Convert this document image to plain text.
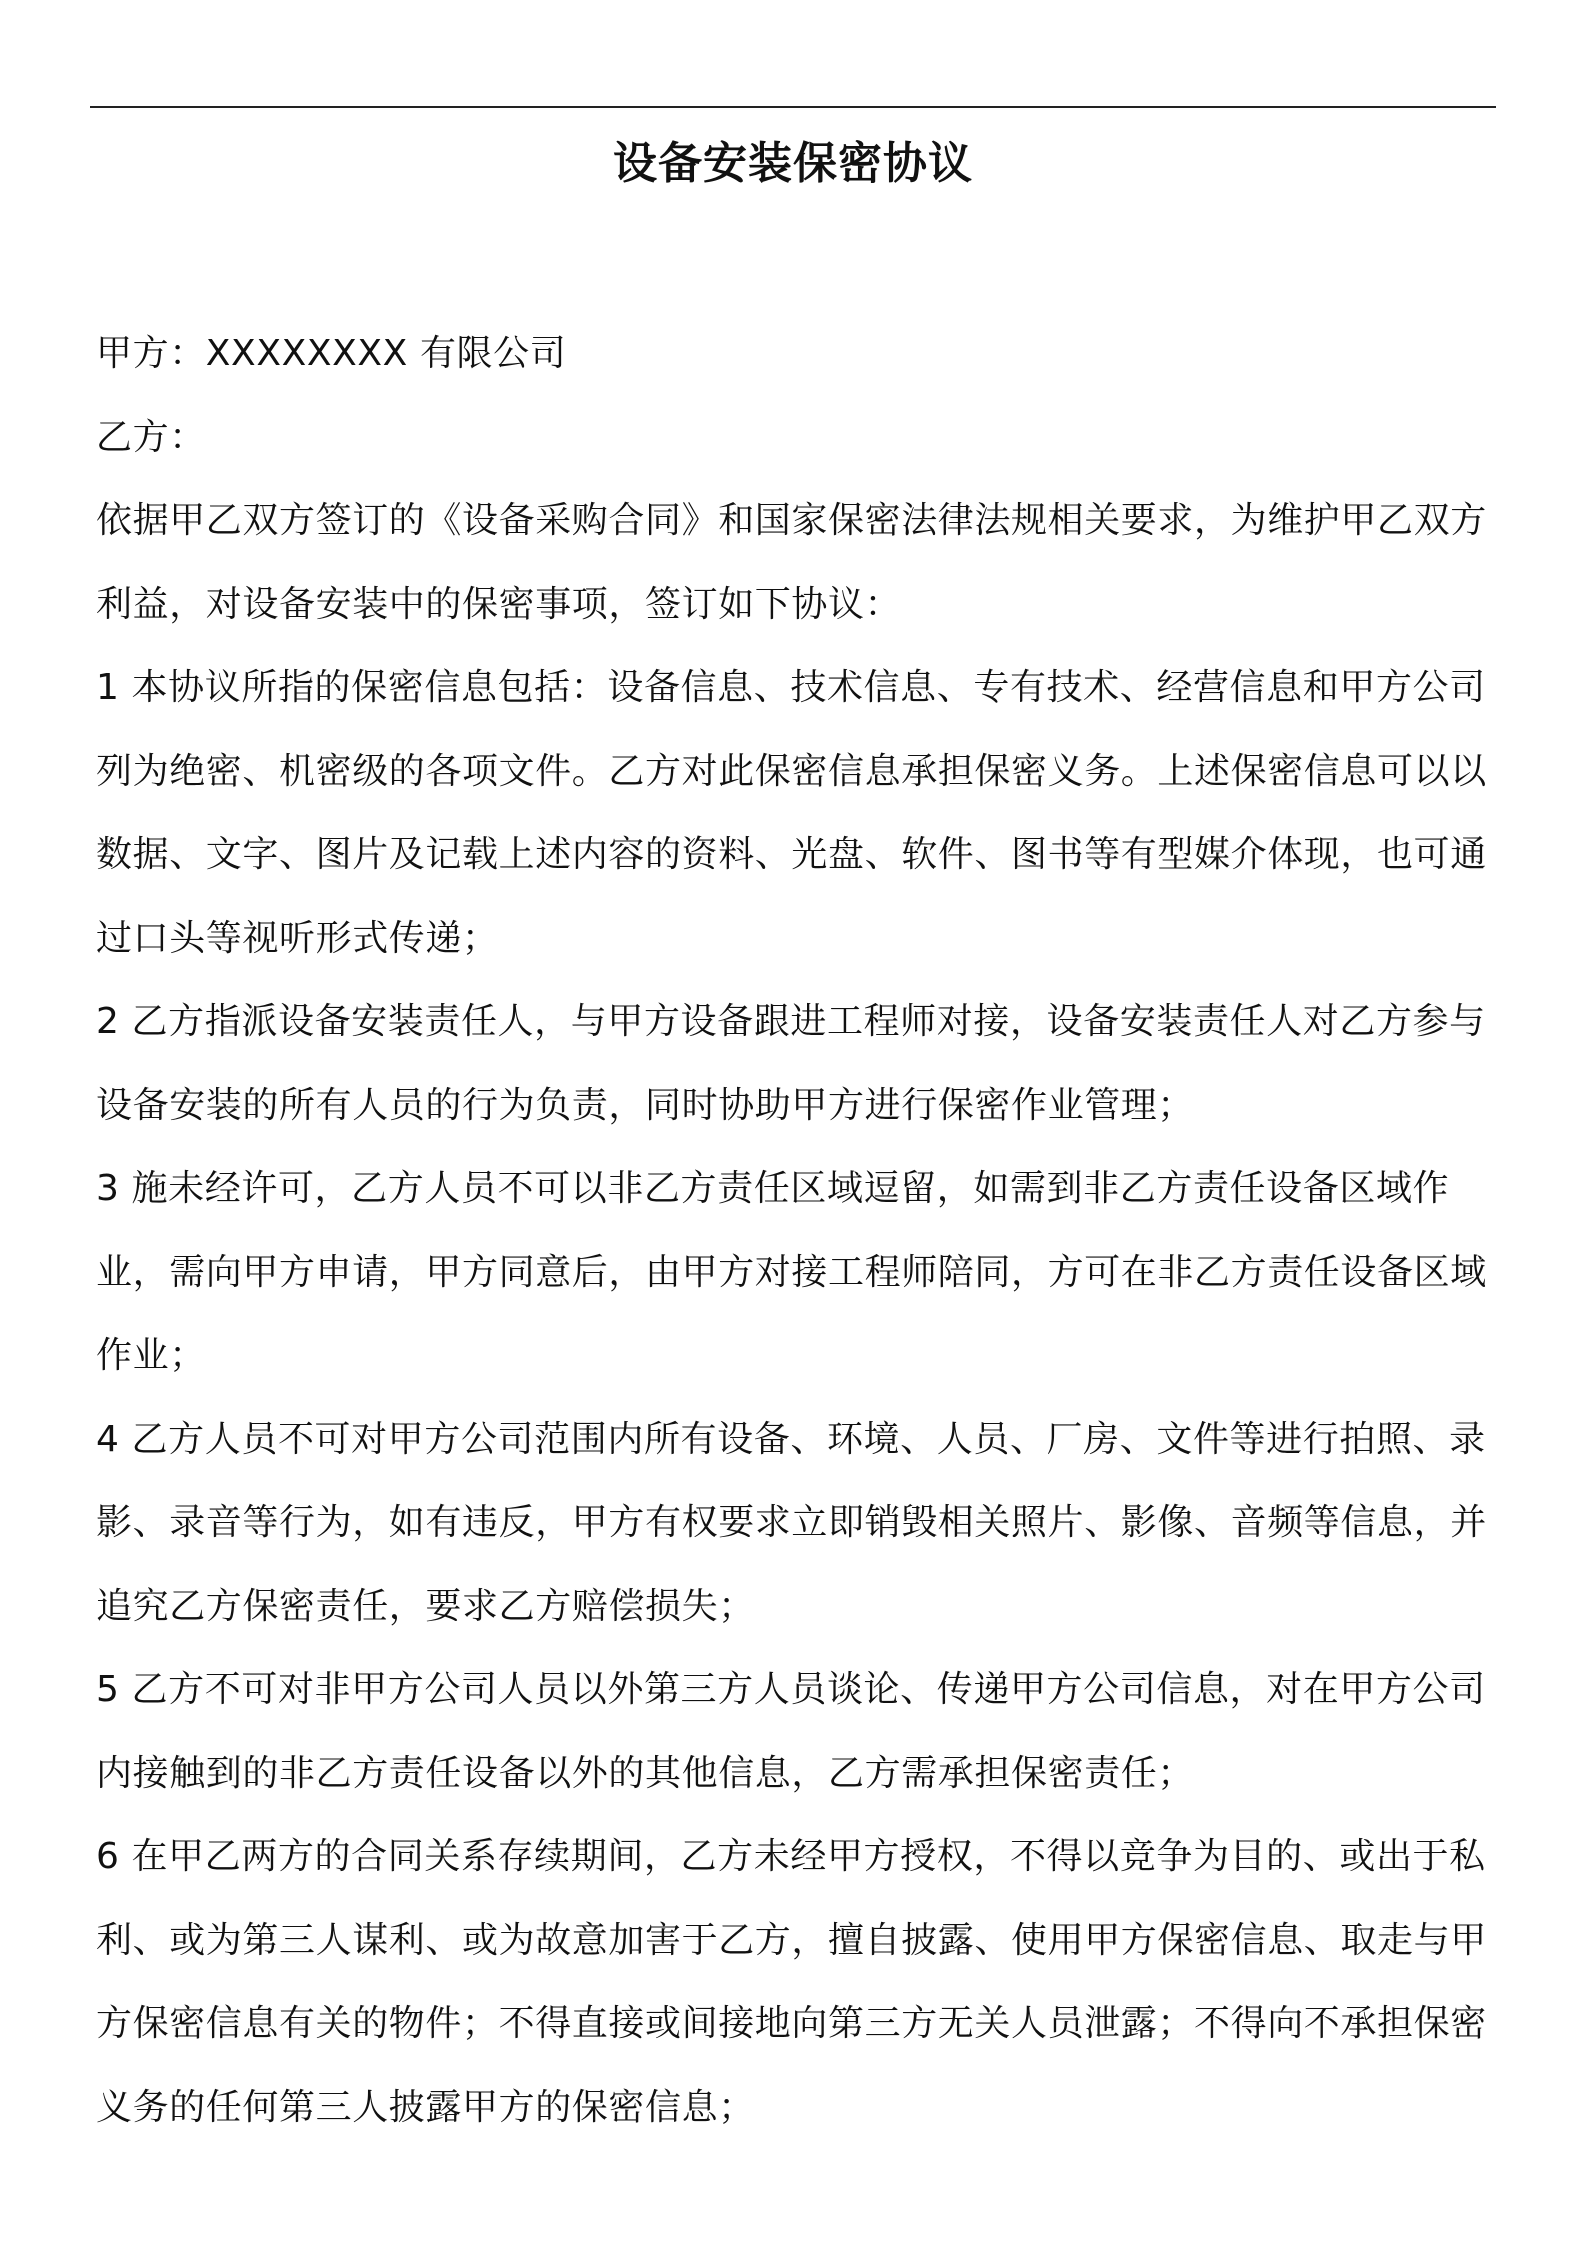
设备安装保密协议

甲方：XXXXXXXX 有限公司

乙方：

依据甲乙双方签订的《设备采购合同》和国家保密法律法规相关要求，为维护甲乙双方利益，对设备安装中的保密事项，签订如下协议：

1 本协议所指的保密信息包括：设备信息、技术信息、专有技术、经营信息和甲方公司列为绝密、机密级的各项文件。乙方对此保密信息承担保密义务。上述保密信息可以以数据、文字、图片及记载上述内容的资料、光盘、软件、图书等有型媒介体现，也可通过口头等视听形式传递；

2 乙方指派设备安装责任人，与甲方设备跟进工程师对接，设备安装责任人对乙方参与设备安装的所有人员的行为负责，同时协助甲方进行保密作业管理；

3 施未经许可，乙方人员不可以非乙方责任区域逗留，如需到非乙方责任设备区域作业，需向甲方申请，甲方同意后，由甲方对接工程师陪同，方可在非乙方责任设备区域作业；

4 乙方人员不可对甲方公司范围内所有设备、环境、人员、厂房、文件等进行拍照、录影、录音等行为，如有违反，甲方有权要求立即销毁相关照片、影像、音频等信息，并追究乙方保密责任，要求乙方赔偿损失；

5 乙方不可对非甲方公司人员以外第三方人员谈论、传递甲方公司信息，对在甲方公司内接触到的非乙方责任设备以外的其他信息，乙方需承担保密责任；

6 在甲乙两方的合同关系存续期间，乙方未经甲方授权，不得以竞争为目的、或出于私利、或为第三人谋利、或为故意加害于乙方，擅自披露、使用甲方保密信息、取走与甲方保密信息有关的物件；不得直接或间接地向第三方无关人员泄露；不得向不承担保密义务的任何第三人披露甲方的保密信息；
